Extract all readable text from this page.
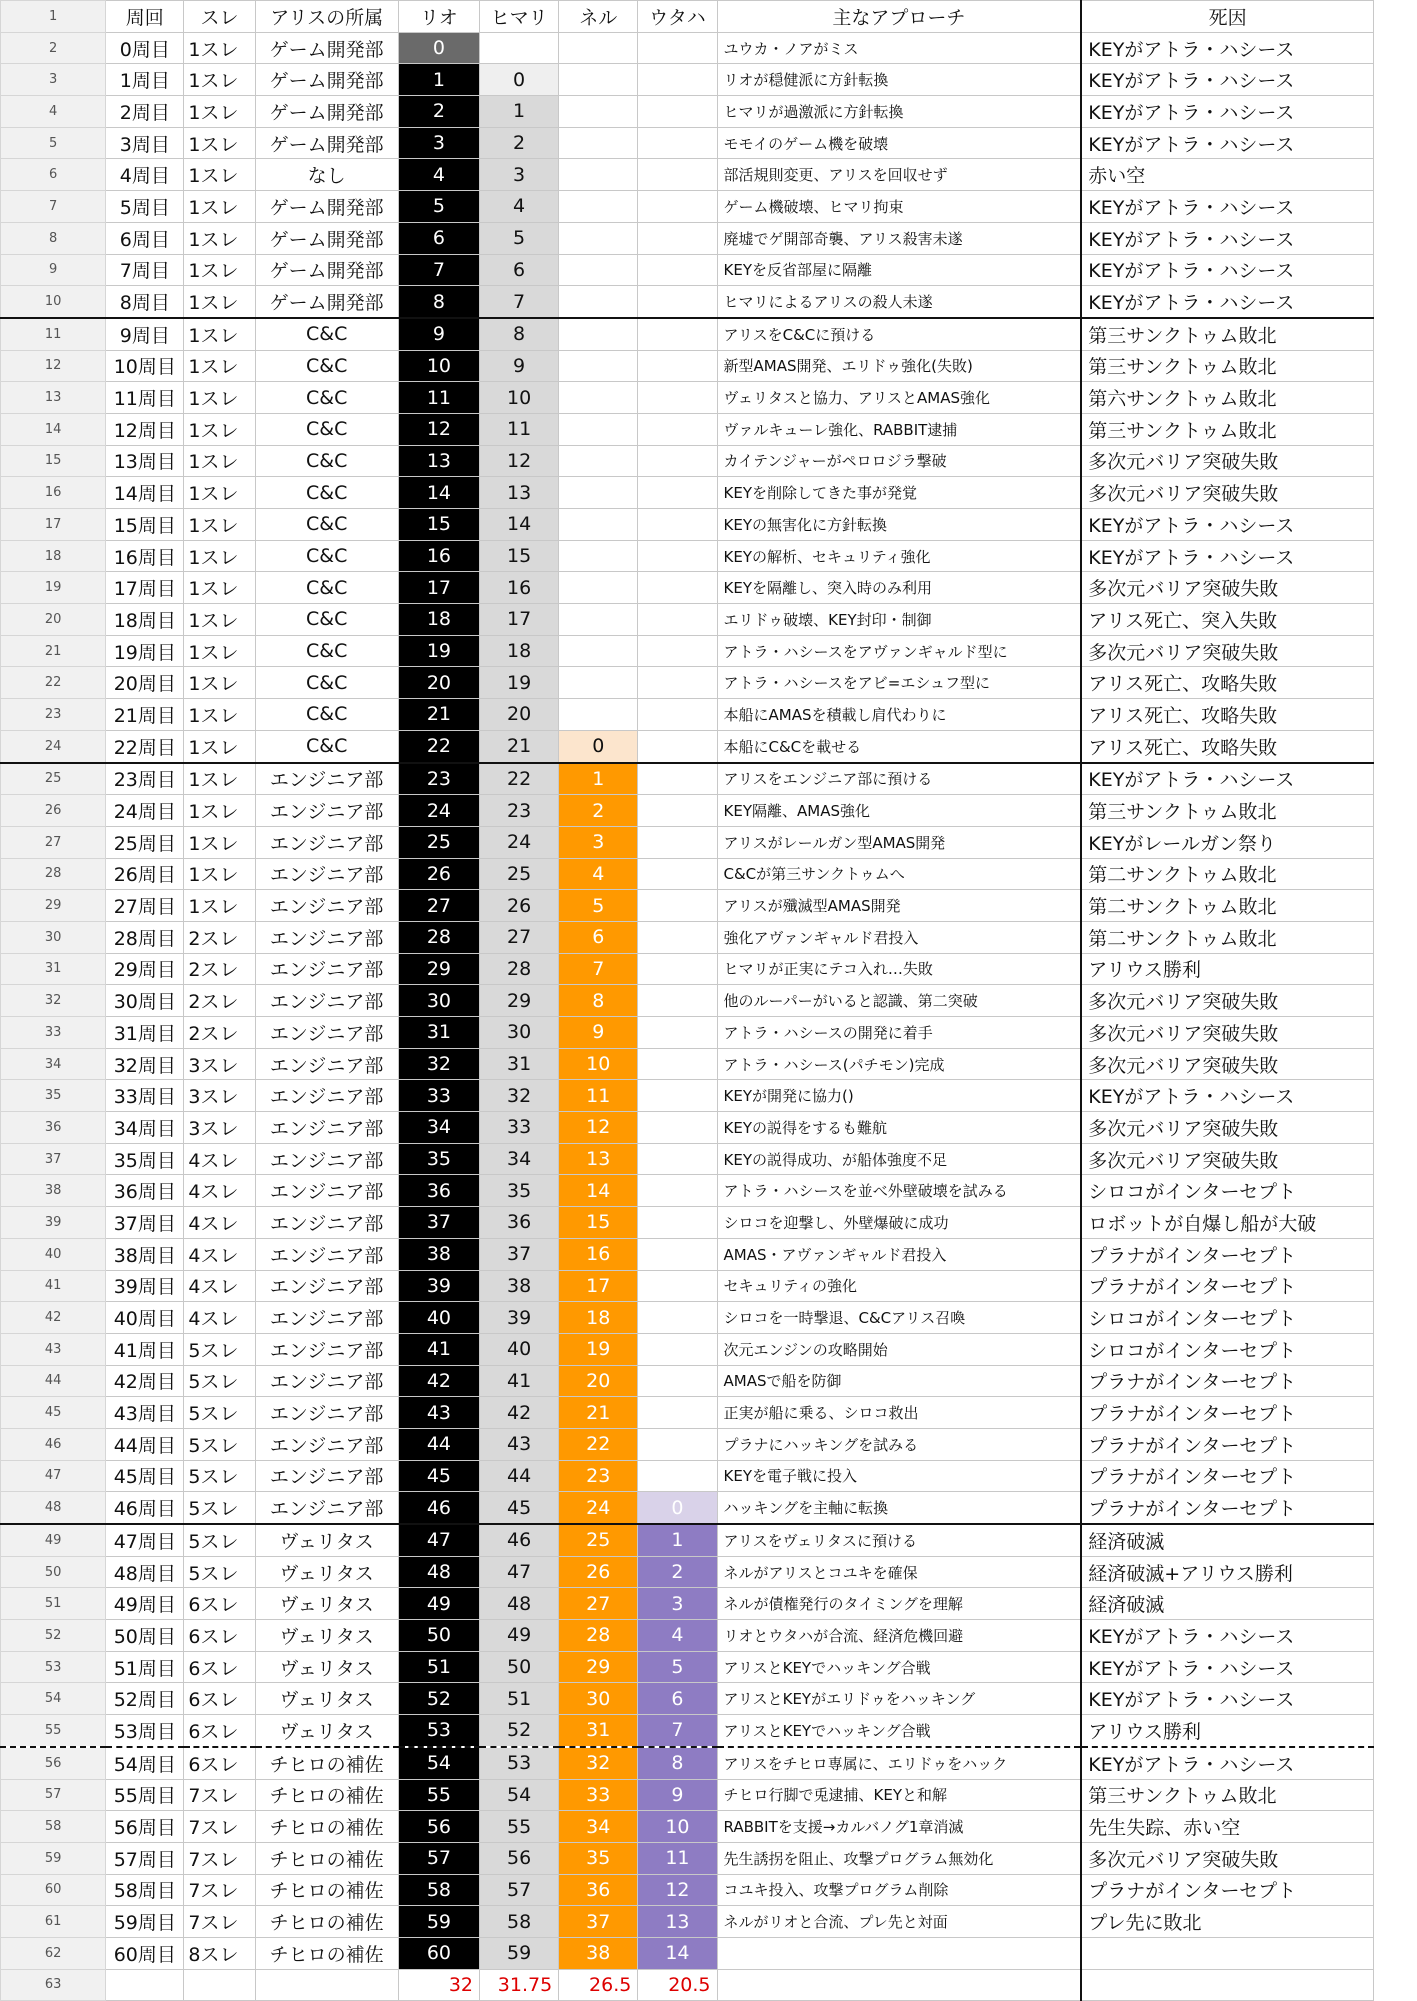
1	周回	スレ	アリスの所属	リオ	ヒマリ	ネル	ウタハ	主なアプローチ	死因
2	0周目	1スレ	ゲーム開発部	0				ユウカ・ノアがミス	KEYがアトラ・ハシース
3	1周目	1スレ	ゲーム開発部	1	0			リオが穏健派に方針転換	KEYがアトラ・ハシース
4	2周目	1スレ	ゲーム開発部	2	1			ヒマリが過激派に方針転換	KEYがアトラ・ハシース
5	3周目	1スレ	ゲーム開発部	3	2			モモイのゲーム機を破壊	KEYがアトラ・ハシース
6	4周目	1スレ	なし	4	3			部活規則変更、アリスを回収せず	赤い空
7	5周目	1スレ	ゲーム開発部	5	4			ゲーム機破壊、ヒマリ拘束	KEYがアトラ・ハシース
8	6周目	1スレ	ゲーム開発部	6	5			廃墟でゲ開部奇襲、アリス殺害未遂	KEYがアトラ・ハシース
9	7周目	1スレ	ゲーム開発部	7	6			KEYを反省部屋に隔離	KEYがアトラ・ハシース
10	8周目	1スレ	ゲーム開発部	8	7			ヒマリによるアリスの殺人未遂	KEYがアトラ・ハシース
11	9周目	1スレ	C&C	9	8			アリスをC&Cに預ける	第三サンクトゥム敗北
12	10周目	1スレ	C&C	10	9			新型AMAS開発、エリドゥ強化(失敗)	第三サンクトゥム敗北
13	11周目	1スレ	C&C	11	10			ヴェリタスと協力、アリスとAMAS強化	第六サンクトゥム敗北
14	12周目	1スレ	C&C	12	11			ヴァルキューレ強化、RABBIT逮捕	第三サンクトゥム敗北
15	13周目	1スレ	C&C	13	12			カイテンジャーがペロロジラ撃破	多次元バリア突破失敗
16	14周目	1スレ	C&C	14	13			KEYを削除してきた事が発覚	多次元バリア突破失敗
17	15周目	1スレ	C&C	15	14			KEYの無害化に方針転換	KEYがアトラ・ハシース
18	16周目	1スレ	C&C	16	15			KEYの解析、セキュリティ強化	KEYがアトラ・ハシース
19	17周目	1スレ	C&C	17	16			KEYを隔離し、突入時のみ利用	多次元バリア突破失敗
20	18周目	1スレ	C&C	18	17			エリドゥ破壊、KEY封印・制御	アリス死亡、突入失敗
21	19周目	1スレ	C&C	19	18			アトラ・ハシースをアヴァンギャルド型に	多次元バリア突破失敗
22	20周目	1スレ	C&C	20	19			アトラ・ハシースをアビ=エシュフ型に	アリス死亡、攻略失敗
23	21周目	1スレ	C&C	21	20			本船にAMASを積載し肩代わりに	アリス死亡、攻略失敗
24	22周目	1スレ	C&C	22	21	0		本船にC&Cを載せる	アリス死亡、攻略失敗
25	23周目	1スレ	エンジニア部	23	22	1		アリスをエンジニア部に預ける	KEYがアトラ・ハシース
26	24周目	1スレ	エンジニア部	24	23	2		KEY隔離、AMAS強化	第三サンクトゥム敗北
27	25周目	1スレ	エンジニア部	25	24	3		アリスがレールガン型AMAS開発	KEYがレールガン祭り
28	26周目	1スレ	エンジニア部	26	25	4		C&Cが第三サンクトゥムへ	第二サンクトゥム敗北
29	27周目	1スレ	エンジニア部	27	26	5		アリスが殲滅型AMAS開発	第二サンクトゥム敗北
30	28周目	2スレ	エンジニア部	28	27	6		強化アヴァンギャルド君投入	第二サンクトゥム敗北
31	29周目	2スレ	エンジニア部	29	28	7		ヒマリが正実にテコ入れ…失敗	アリウス勝利
32	30周目	2スレ	エンジニア部	30	29	8		他のルーパーがいると認識、第二突破	多次元バリア突破失敗
33	31周目	2スレ	エンジニア部	31	30	9		アトラ・ハシースの開発に着手	多次元バリア突破失敗
34	32周目	3スレ	エンジニア部	32	31	10		アトラ・ハシース(パチモン)完成	多次元バリア突破失敗
35	33周目	3スレ	エンジニア部	33	32	11		KEYが開発に協力()	KEYがアトラ・ハシース
36	34周目	3スレ	エンジニア部	34	33	12		KEYの説得をするも難航	多次元バリア突破失敗
37	35周目	4スレ	エンジニア部	35	34	13		KEYの説得成功、が船体強度不足	多次元バリア突破失敗
38	36周目	4スレ	エンジニア部	36	35	14		アトラ・ハシースを並べ外壁破壊を試みる	シロコがインターセプト
39	37周目	4スレ	エンジニア部	37	36	15		シロコを迎撃し、外壁爆破に成功	ロボットが自爆し船が大破
40	38周目	4スレ	エンジニア部	38	37	16		AMAS・アヴァンギャルド君投入	プラナがインターセプト
41	39周目	4スレ	エンジニア部	39	38	17		セキュリティの強化	プラナがインターセプト
42	40周目	4スレ	エンジニア部	40	39	18		シロコを一時撃退、C&Cアリス召喚	シロコがインターセプト
43	41周目	5スレ	エンジニア部	41	40	19		次元エンジンの攻略開始	シロコがインターセプト
44	42周目	5スレ	エンジニア部	42	41	20		AMASで船を防御	プラナがインターセプト
45	43周目	5スレ	エンジニア部	43	42	21		正実が船に乗る、シロコ救出	プラナがインターセプト
46	44周目	5スレ	エンジニア部	44	43	22		プラナにハッキングを試みる	プラナがインターセプト
47	45周目	5スレ	エンジニア部	45	44	23		KEYを電子戦に投入	プラナがインターセプト
48	46周目	5スレ	エンジニア部	46	45	24	0	ハッキングを主軸に転換	プラナがインターセプト
49	47周目	5スレ	ヴェリタス	47	46	25	1	アリスをヴェリタスに預ける	経済破滅
50	48周目	5スレ	ヴェリタス	48	47	26	2	ネルがアリスとコユキを確保	経済破滅+アリウス勝利
51	49周目	6スレ	ヴェリタス	49	48	27	3	ネルが債権発行のタイミングを理解	経済破滅
52	50周目	6スレ	ヴェリタス	50	49	28	4	リオとウタハが合流、経済危機回避	KEYがアトラ・ハシース
53	51周目	6スレ	ヴェリタス	51	50	29	5	アリスとKEYでハッキング合戦	KEYがアトラ・ハシース
54	52周目	6スレ	ヴェリタス	52	51	30	6	アリスとKEYがエリドゥをハッキング	KEYがアトラ・ハシース
55	53周目	6スレ	ヴェリタス	53	52	31	7	アリスとKEYでハッキング合戦	アリウス勝利
56	54周目	6スレ	チヒロの補佐	54	53	32	8	アリスをチヒロ専属に、エリドゥをハック	KEYがアトラ・ハシース
57	55周目	7スレ	チヒロの補佐	55	54	33	9	チヒロ行脚で兎逮捕、KEYと和解	第三サンクトゥム敗北
58	56周目	7スレ	チヒロの補佐	56	55	34	10	RABBITを支援→カルバノグ1章消滅	先生失踪、赤い空
59	57周目	7スレ	チヒロの補佐	57	56	35	11	先生誘拐を阻止、攻撃プログラム無効化	多次元バリア突破失敗
60	58周目	7スレ	チヒロの補佐	58	57	36	12	コユキ投入、攻撃プログラム削除	プラナがインターセプト
61	59周目	7スレ	チヒロの補佐	59	58	37	13	ネルがリオと合流、プレ先と対面	プレ先に敗北
62	60周目	8スレ	チヒロの補佐	60	59	38	14		
63				32	31.75	26.5	20.5		
